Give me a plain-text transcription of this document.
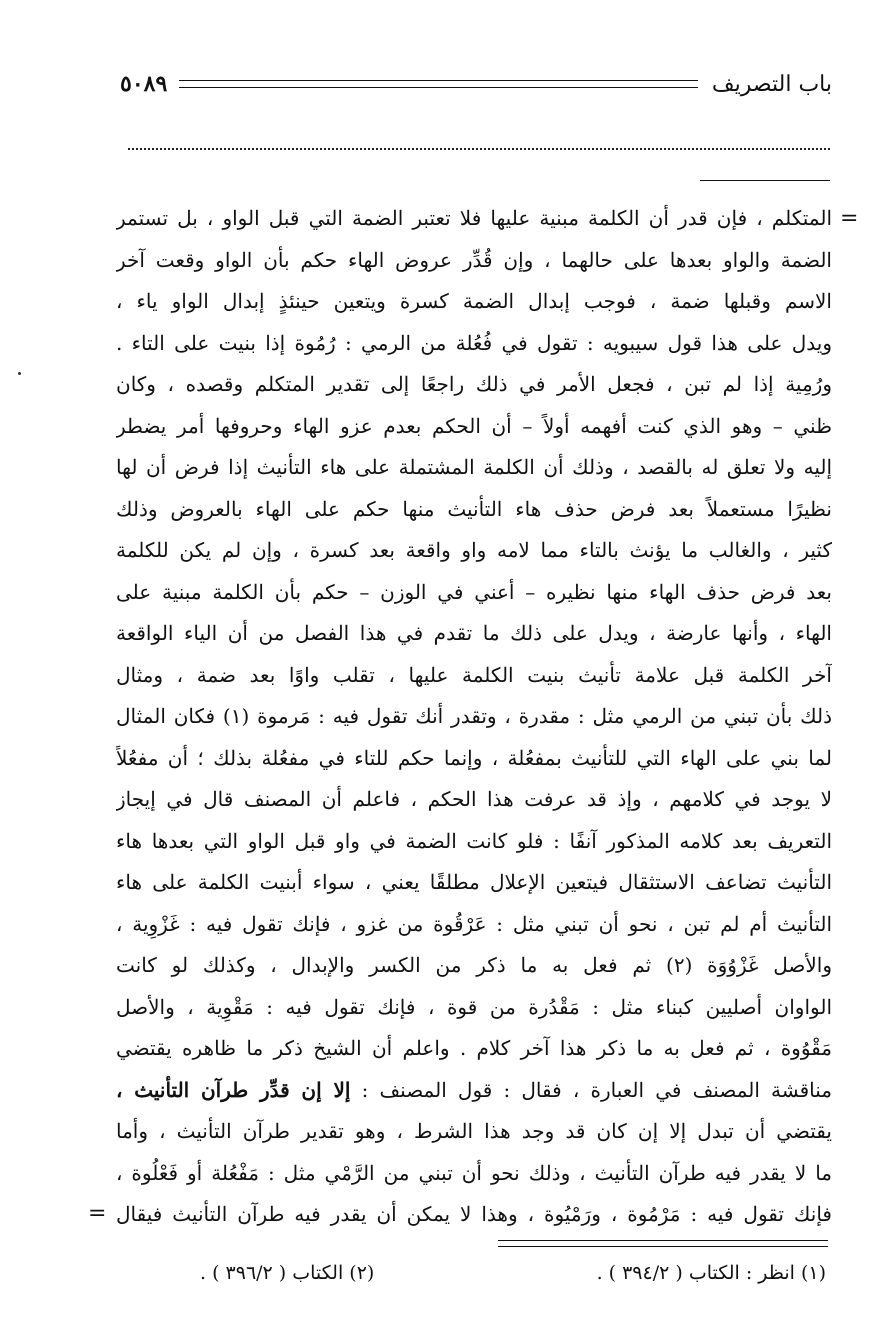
باب التصريف
٥٠٨٩
=
المتكلم ، فإن قدر أن الكلمة مبنية عليها فلا تعتبر الضمة التي قبل الواو ، بل تستمر
الضمة والواو بعدها على حالهما ، وإن قُدِّر عروض الهاء حكم بأن الواو وقعت آخر
الاسم وقبلها ضمة ، فوجب إبدال الضمة كسرة ويتعين حينئذٍ إبدال الواو ياء ،
ويدل على هذا قول سيبويه : تقول في فُعُلة من الرمي : رُمُوة إذا بنيت على التاء .
ورُمِية إذا لم تبن ، فجعل الأمر في ذلك راجعًا إلى تقدير المتكلم وقصده ، وكان
ظني – وهو الذي كنت أفهمه أولاً – أن الحكم بعدم عزو الهاء وحروفها أمر يضطر
إليه ولا تعلق له بالقصد ، وذلك أن الكلمة المشتملة على هاء التأنيث إذا فرض أن لها
نظيرًا مستعملاً بعد فرض حذف هاء التأنيث منها حكم على الهاء بالعروض وذلك
كثير ، والغالب ما يؤنث بالتاء مما لامه واو واقعة بعد كسرة ، وإن لم يكن للكلمة
بعد فرض حذف الهاء منها نظيره – أعني في الوزن – حكم بأن الكلمة مبنية على
الهاء ، وأنها عارضة ، ويدل على ذلك ما تقدم في هذا الفصل من أن الياء الواقعة
آخر الكلمة قبل علامة تأنيث بنيت الكلمة عليها ، تقلب واوًا بعد ضمة ، ومثال
ذلك بأن تبني من الرمي مثل : مقدرة ، وتقدر أنك تقول فيه : مَرموة (١) فكان المثال
لما بني على الهاء التي للتأنيث بمفعُلة ، وإنما حكم للتاء في مفعُلة بذلك ؛ أن مفعُلاً
لا يوجد في كلامهم ، وإذ قد عرفت هذا الحكم ، فاعلم أن المصنف قال في إيجاز
التعريف بعد كلامه المذكور آنفًا : فلو كانت الضمة في واو قبل الواو التي بعدها هاء
التأنيث تضاعف الاستثقال فيتعين الإعلال مطلقًا يعني ، سواء أبنيت الكلمة على هاء
التأنيث أم لم تبن ، نحو أن تبني مثل : عَرْقُوة من غزو ، فإنك تقول فيه : غَزْوِية ،
والأصل غَزْوُوَة (٢) ثم فعل به ما ذكر من الكسر والإبدال ، وكذلك لو كانت
الواوان أصليين كبناء مثل : مَقْدُرة من قوة ، فإنك تقول فيه : مَقْوِية ، والأصل
مَقْوُوة ، ثم فعل به ما ذكر هذا آخر كلام . واعلم أن الشيخ ذكر ما ظاهره يقتضي
مناقشة المصنف في العبارة ، فقال : قول المصنف : إلا إن قدِّر طرآن التأنيث ،
يقتضي أن تبدل إلا إن كان قد وجد هذا الشرط ، وهو تقدير طرآن التأنيث ، وأما
ما لا يقدر فيه طرآن التأنيث ، وذلك نحو أن تبني من الرَّمْي مثل : مَفْعُلة أو فَعْلُوة ،
فإنك تقول فيه : مَرْمُوة ، ورَمْيُوة ، وهذا لا يمكن أن يقدر فيه طرآن التأنيث فيقال
=
(١) انظر : الكتاب ( ٣٩٤/٢ ) .
(٢) الكتاب ( ٣٩٦/٢ ) .
